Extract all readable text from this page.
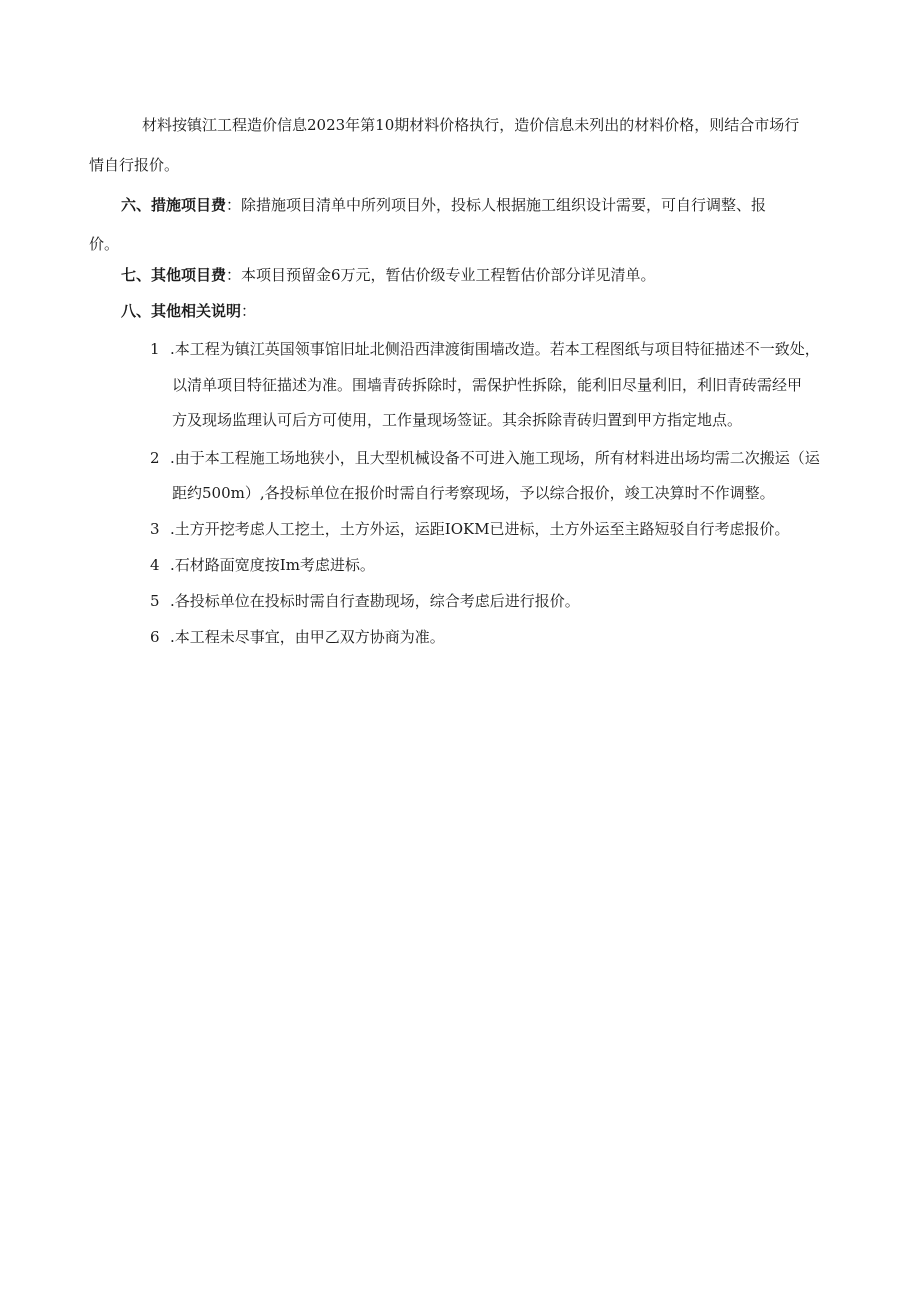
材料按镇江工程造价信息2023年第10期材料价格执行，造价信息未列出的材料价格，则结合市场行
情自行报价。
六、措施项目费：除措施项目清单中所列项目外，投标人根据施工组织设计需要，可自行调整、报
价。
七、其他项目费：本项目预留金6万元，暂估价级专业工程暂估价部分详见清单。
八、其他相关说明：
1 .本工程为镇江英国领事馆旧址北侧沿西津渡街围墙改造。若本工程图纸与项目特征描述不一致处，
以清单项目特征描述为准。围墙青砖拆除时，需保护性拆除，能利旧尽量利旧，利旧青砖需经甲
方及现场监理认可后方可使用，工作量现场签证。其余拆除青砖归置到甲方指定地点。
2 .由于本工程施工场地狭小，且大型机械设备不可进入施工现场，所有材料进出场均需二次搬运（运
距约500m）,各投标单位在报价时需自行考察现场，予以综合报价，竣工决算时不作调整。
3 .土方开挖考虑人工挖土，土方外运，运距IOKM已进标，土方外运至主路短驳自行考虑报价。
4 .石材路面宽度按Im考虑进标。
5 .各投标单位在投标时需自行查勘现场，综合考虑后进行报价。
6 .本工程未尽事宜，由甲乙双方协商为准。
